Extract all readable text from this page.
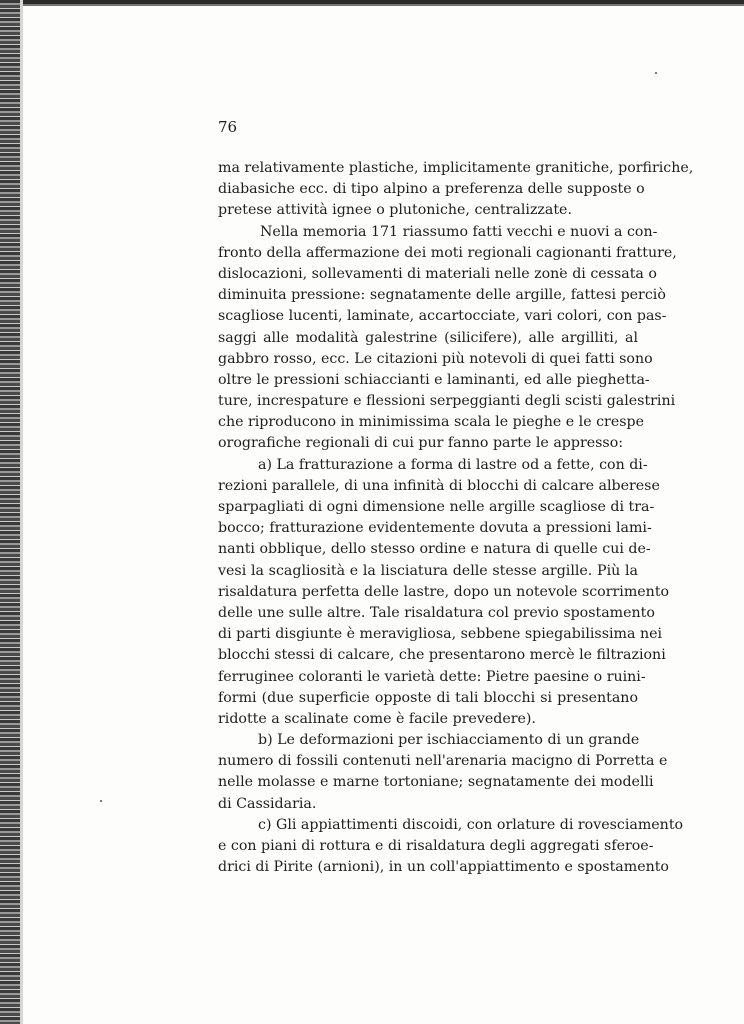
76
ma relativamente plastiche, implicitamente granitiche, porfiriche,
diabasiche ecc. di tipo alpino a preferenza delle supposte o
pretese attività ignee o plutoniche, centralizzate.
Nella memoria 171 riassumo fatti vecchi e nuovi a con-
fronto della affermazione dei moti regionali cagionanti fratture,
dislocazioni, sollevamenti di materiali nelle zone di cessata o
diminuita pressione: segnatamente delle argille, fattesi perciò
scagliose lucenti, laminate, accartocciate, vari colori, con pas-
saggi alle modalità galestrine (silicifere), alle argilliti, al
gabbro rosso, ecc. Le citazioni più notevoli di quei fatti sono
oltre le pressioni schiaccianti e laminanti, ed alle pieghetta-
ture, increspature e flessioni serpeggianti degli scisti galestrini
che riproducono in minimissima scala le pieghe e le crespe
orografiche regionali di cui pur fanno parte le appresso:
a) La fratturazione a forma di lastre od a fette, con di-
rezioni parallele, di una infinità di blocchi di calcare alberese
sparpagliati di ogni dimensione nelle argille scagliose di tra-
bocco; fratturazione evidentemente dovuta a pressioni lami-
nanti obblique, dello stesso ordine e natura di quelle cui de-
vesi la scagliosità e la lisciatura delle stesse argille. Più la
risaldatura perfetta delle lastre, dopo un notevole scorrimento
delle une sulle altre. Tale risaldatura col previo spostamento
di parti disgiunte è meravigliosa, sebbene spiegabilissima nei
blocchi stessi di calcare, che presentarono mercè le filtrazioni
ferruginee coloranti le varietà dette: Pietre paesine o ruini-
formi (due superficie opposte di tali blocchi si presentano
ridotte a scalinate come è facile prevedere).
b) Le deformazioni per ischiacciamento di un grande
numero di fossili contenuti nell'arenaria macigno di Porretta e
nelle molasse e marne tortoniane; segnatamente dei modelli
di Cassidaria.
c) Gli appiattimenti discoidi, con orlature di rovesciamento
e con piani di rottura e di risaldatura degli aggregati sferoe-
drici di Pirite (arnioni), in un coll'appiattimento e spostamento
